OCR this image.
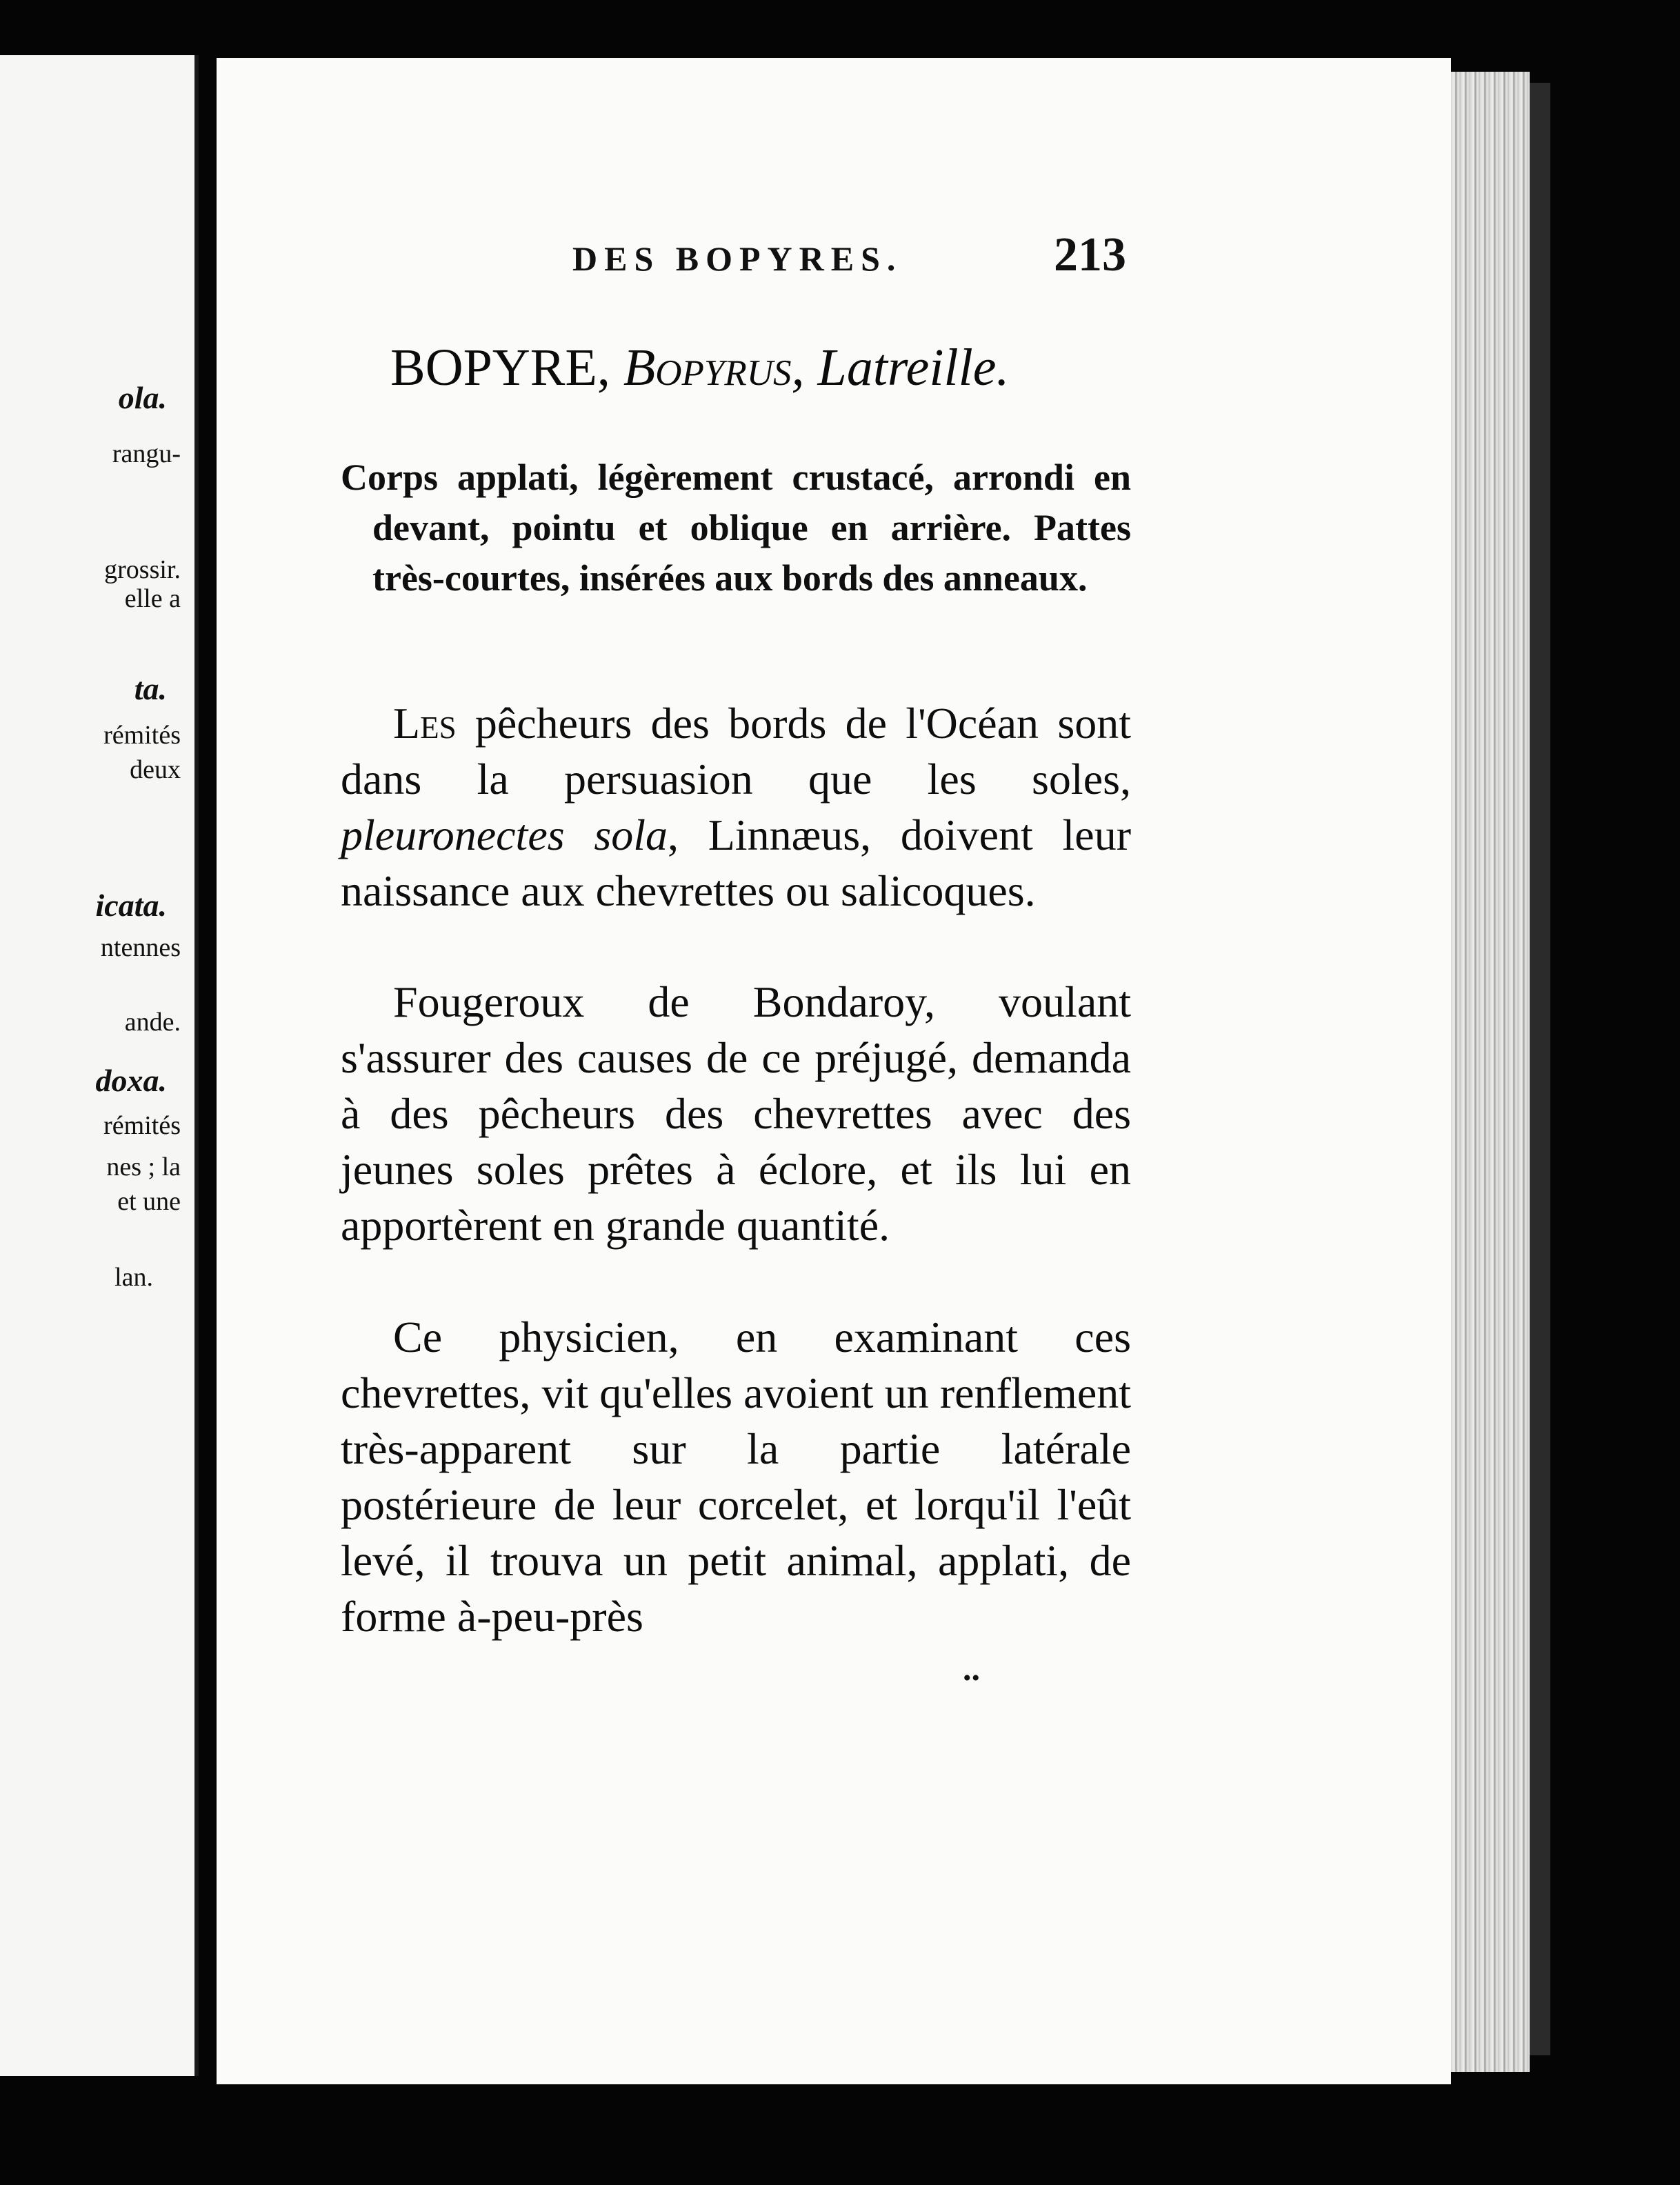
ola.
rangu-
grossir.
elle a
ta.
rémités
deux
icata.
ntennes
ande.
doxa.
rémités
nes ; la
et une
lan.
DES BOPYRES.	213
BOPYRE, Bopyrus, Latreille.
Corps applati, légèrement crustacé, arrondi en devant, pointu et oblique en arrière. Pattes très-courtes, insérées aux bords des anneaux.

Les pêcheurs des bords de l'Océan sont dans la persuasion que les soles, pleuronectes sola, Linnæus, doivent leur naissance aux chevrettes ou salicoques.

Fougeroux de Bondaroy, voulant s'assurer des causes de ce préjugé, demanda à des pêcheurs des chevrettes avec des jeunes soles prêtes à éclore, et ils lui en apportèrent en grande quantité.

Ce physicien, en examinant ces chevrettes, vit qu'elles avoient un renflement très-apparent sur la partie latérale postérieure de leur corcelet, et lorqu'il l'eût levé, il trouva un petit animal, applati, de forme à-peu-près

..
